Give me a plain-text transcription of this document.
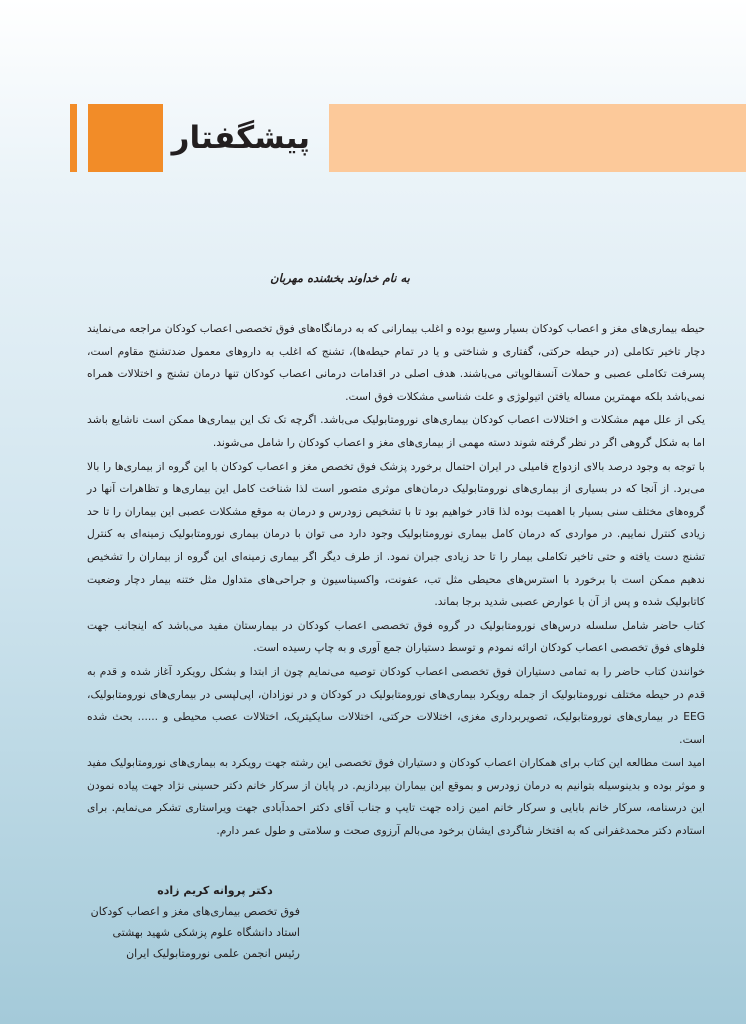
پیشگفتار
به نام خداوند بخشنده مهربان

حیطه بیماری‌های مغز و اعصاب کودکان بسیار وسیع بوده و اغلب بیمارانی که به درمانگاه‌های فوق تخصصی اعصاب کودکان مراجعه می‌نمایند دچار تاخیر تکاملی (در حیطه حرکتی، گفتاری و شناختی و یا در تمام حیطه‌ها)، تشنج که اغلب به داروهای معمول ضدتشنج مقاوم است، پسرفت تکاملی عصبی و حملات آنسفالوپاتی می‌باشند. هدف اصلی در اقدامات درمانی اعصاب کودکان تنها درمان تشنج و اختلالات همراه نمی‌باشد بلکه مهمترین مساله یافتن اتیولوژی و علت شناسی مشکلات فوق است.

یکی از علل مهم مشکلات و اختلالات اعصاب کودکان بیماری‌های نورومتابولیک می‌باشد. اگرچه تک تک این بیماری‌ها ممکن است ناشایع باشد اما به شکل گروهی اگر در نظر گرفته شوند دسته مهمی از بیماری‌های مغز و اعصاب کودکان را شامل می‌شوند.

با توجه به وجود درصد بالای ازدواج فامیلی در ایران احتمال برخورد پزشک فوق تخصص مغز و اعصاب کودکان با این گروه از بیماری‌ها را بالا می‌برد. از آنجا که در بسیاری از بیماری‌های نورومتابولیک درمان‌های موثری متصور است لذا شناخت کامل این بیماری‌ها و تظاهرات آنها در گروه‌های مختلف سنی بسیار با اهمیت بوده لذا قادر خواهیم بود تا با تشخیص زودرس و درمان به موقع مشکلات عصبی این بیماران را تا حد زیادی کنترل نماییم. در مواردی که درمان کامل بیماری نورومتابولیک وجود دارد می توان با درمان بیماری نورومتابولیک زمینه‌ای به کنترل تشنج دست یافته و حتی تاخیر تکاملی بیمار را تا حد زیادی جبران نمود. از طرف دیگر اگر بیماری زمینه‌ای این گروه از بیماران را تشخیص ندهیم ممکن است با برخورد با استرس‌های محیطی مثل تب، عفونت، واکسیناسیون و جراحی‌های متداول مثل ختنه بیمار دچار وضعیت کاتابولیک شده و پس از آن با عوارض عصبی شدید برجا بماند.

کتاب حاضر شامل سلسله درس‌های نورومتابولیک در گروه فوق تخصصی اعصاب کودکان در بیمارستان مفید می‌باشد که اینجانب جهت فلوهای فوق تخصصی اعصاب کودکان ارائه نمودم و توسط دستیاران جمع آوری و به چاپ رسیده است.

خوانندن کتاب حاضر را به تمامی دستیاران فوق تخصصی اعصاب کودکان توصیه می‌نمایم چون از ابتدا و بشکل رویکرد آغاز شده و قدم به قدم در حیطه مختلف نورومتابولیک از جمله رویکرد بیماری‌های نورومتابولیک در کودکان و در نوزادان، اپی‌لپسی در بیماری‌های نورومتابولیک، EEG در بیماری‌های نورومتابولیک، تصویربرداری مغزی، اختلالات حرکتی، اختلالات سایکیتریک، اختلالات عصب محیطی و ...... بحث شده است.

امید است مطالعه این کتاب برای همکاران اعصاب کودکان و دستیاران فوق تخصصی این رشته جهت رویکرد به بیماری‌های نورومتابولیک مفید و موثر بوده و بدینوسیله بتوانیم به درمان زودرس و بموقع این بیماران بپردازیم. در پایان از سرکار خانم دکتر حسینی نژاد جهت پیاده نمودن این درسنامه، سرکار خانم بابایی و سرکار خانم امین زاده جهت تایپ و جناب آقای دکتر احمدآبادی جهت ویراستاری تشکر می‌نمایم. برای استادم دکتر محمدغفرانی که به افتخار شاگردی ایشان برخود می‌بالم آرزوی صحت و سلامتی و طول عمر دارم.

دکتر پروانه کریم زاده
فوق تخصص بیماری‌های مغز و اعصاب کودکان
استاد دانشگاه علوم پزشکی شهید بهشتی
رئیس انجمن علمی نورومتابولیک ایران
